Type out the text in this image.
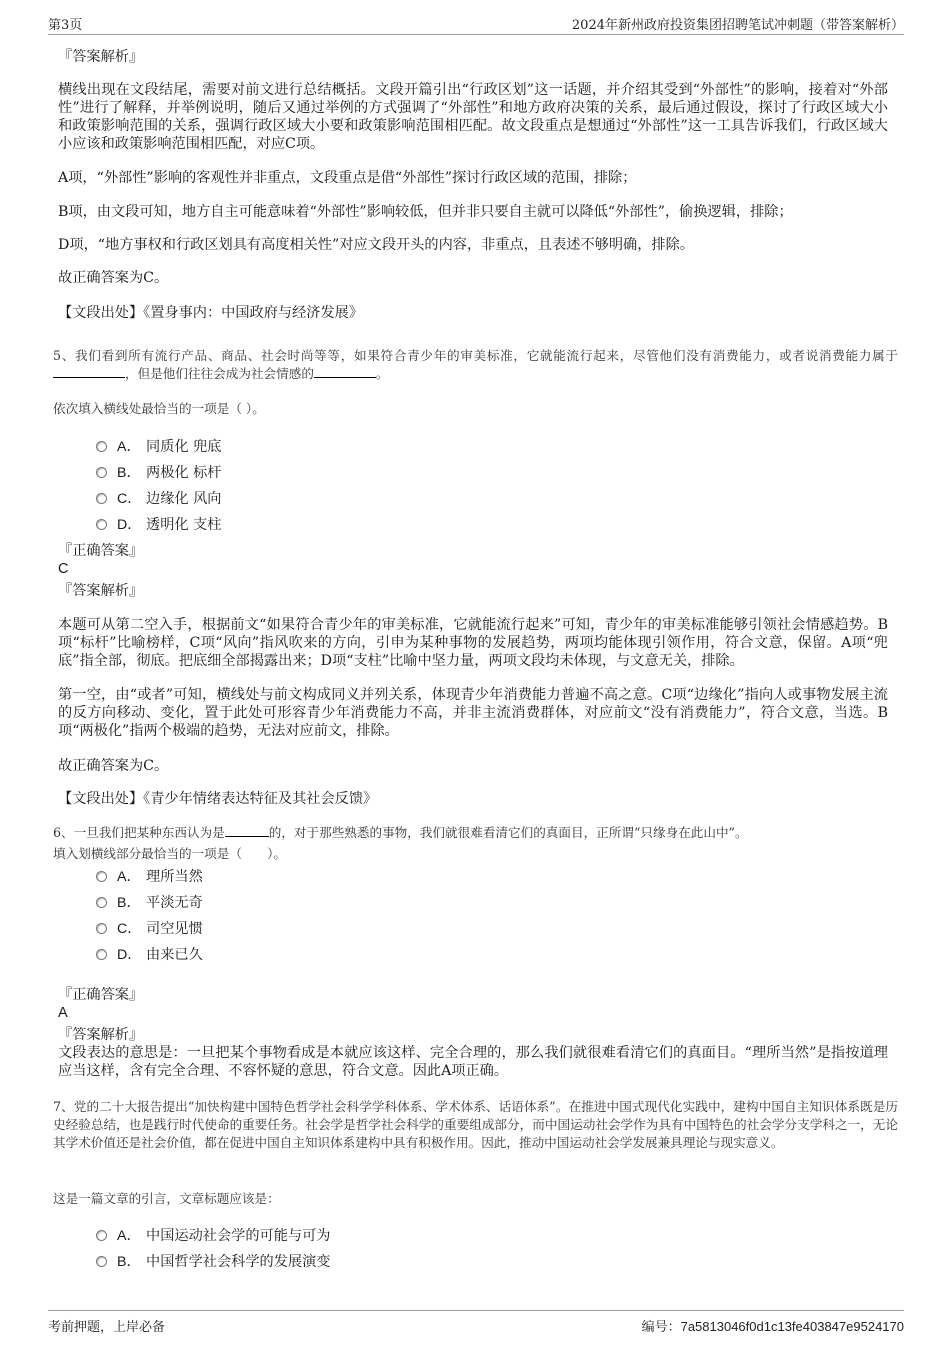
第3页	2024年新州政府投资集团招聘笔试冲刺题（带答案解析）
『答案解析』

横线出现在文段结尾，需要对前文进行总结概括。文段开篇引出“行政区划”这一话题，并介绍其受到“外部性”的影响，接着对“外部性”进行了解释，并举例说明，随后又通过举例的方式强调了“外部性”和地方政府决策的关系，最后通过假设，探讨了行政区域大小和政策影响范围的关系，强调行政区域大小要和政策影响范围相匹配。故文段重点是想通过“外部性”这一工具告诉我们，行政区域大小应该和政策影响范围相匹配，对应C项。

A项，“外部性”影响的客观性并非重点，文段重点是借“外部性”探讨行政区域的范围，排除；

B项，由文段可知，地方自主可能意味着“外部性”影响较低，但并非只要自主就可以降低“外部性”，偷换逻辑，排除；

D项，“地方事权和行政区划具有高度相关性”对应文段开头的内容，非重点，且表述不够明确，排除。

故正确答案为C。
【文段出处】《置身事内：中国政府与经济发展》

5、我们看到所有流行产品、商品、社会时尚等等，如果符合青少年的审美标准，它就能流行起来，尽管他们没有消费能力，或者说消费能力属于，但是他们往往会成为社会情感的	。

依次填入横线处最恰当的一项是（ ）。
A． 同质化 兜底
B． 两极化 标杆
C． 边缘化 风向
D． 透明化 支柱
『正确答案』
C
『答案解析』

本题可从第二空入手，根据前文“如果符合青少年的审美标准，它就能流行起来”可知，青少年的审美标准能够引领社会情感趋势。B项“标杆”比喻榜样，C项“风向”指风吹来的方向，引申为某种事物的发展趋势，两项均能体现引领作用，符合文意，保留。A项“兜底”指全部，彻底。把底细全部揭露出来；D项“支柱”比喻中坚力量，两项文段均未体现，与文意无关，排除。

第一空，由“或者”可知，横线处与前文构成同义并列关系，体现青少年消费能力普遍不高之意。C项“边缘化”指向人或事物发展主流的反方向移动、变化，置于此处可形容青少年消费能力不高，并非主流消费群体，对应前文“没有消费能力”，符合文意，当选。B项“两极化”指两个极端的趋势，无法对应前文，排除。

故正确答案为C。
【文段出处】《青少年情绪表达特征及其社会反馈》
6、一旦我们把某种东西认为是	的，对于那些熟悉的事物，我们就很难看清它们的真面目，正所谓“只缘身在此山中”。
填入划横线部分最恰当的一项是（　　）。
A． 理所当然
B． 平淡无奇
C． 司空见惯
D． 由来已久
『正确答案』
A
『答案解析』

文段表达的意思是：一旦把某个事物看成是本就应该这样、完全合理的，那么我们就很难看清它们的真面目。“理所当然”是指按道理应当这样，含有完全合理、不容怀疑的意思，符合文意。因此A项正确。

7、党的二十大报告提出“加快构建中国特色哲学社会科学学科体系、学术体系、话语体系”。在推进中国式现代化实践中，建构中国自主知识体系既是历史经验总结，也是践行时代使命的重要任务。社会学是哲学社会科学的重要组成部分，而中国运动社会学作为具有中国特色的社会学分支学科之一，无论其学术价值还是社会价值，都在促进中国自主知识体系建构中具有积极作用。因此，推动中国运动社会学发展兼具理论与现实意义。

这是一篇文章的引言，文章标题应该是：
A． 中国运动社会学的可能与可为
B． 中国哲学社会科学的发展演变
考前押题，上岸必备	编号：7a5813046f0d1c13fe403847e9524170
